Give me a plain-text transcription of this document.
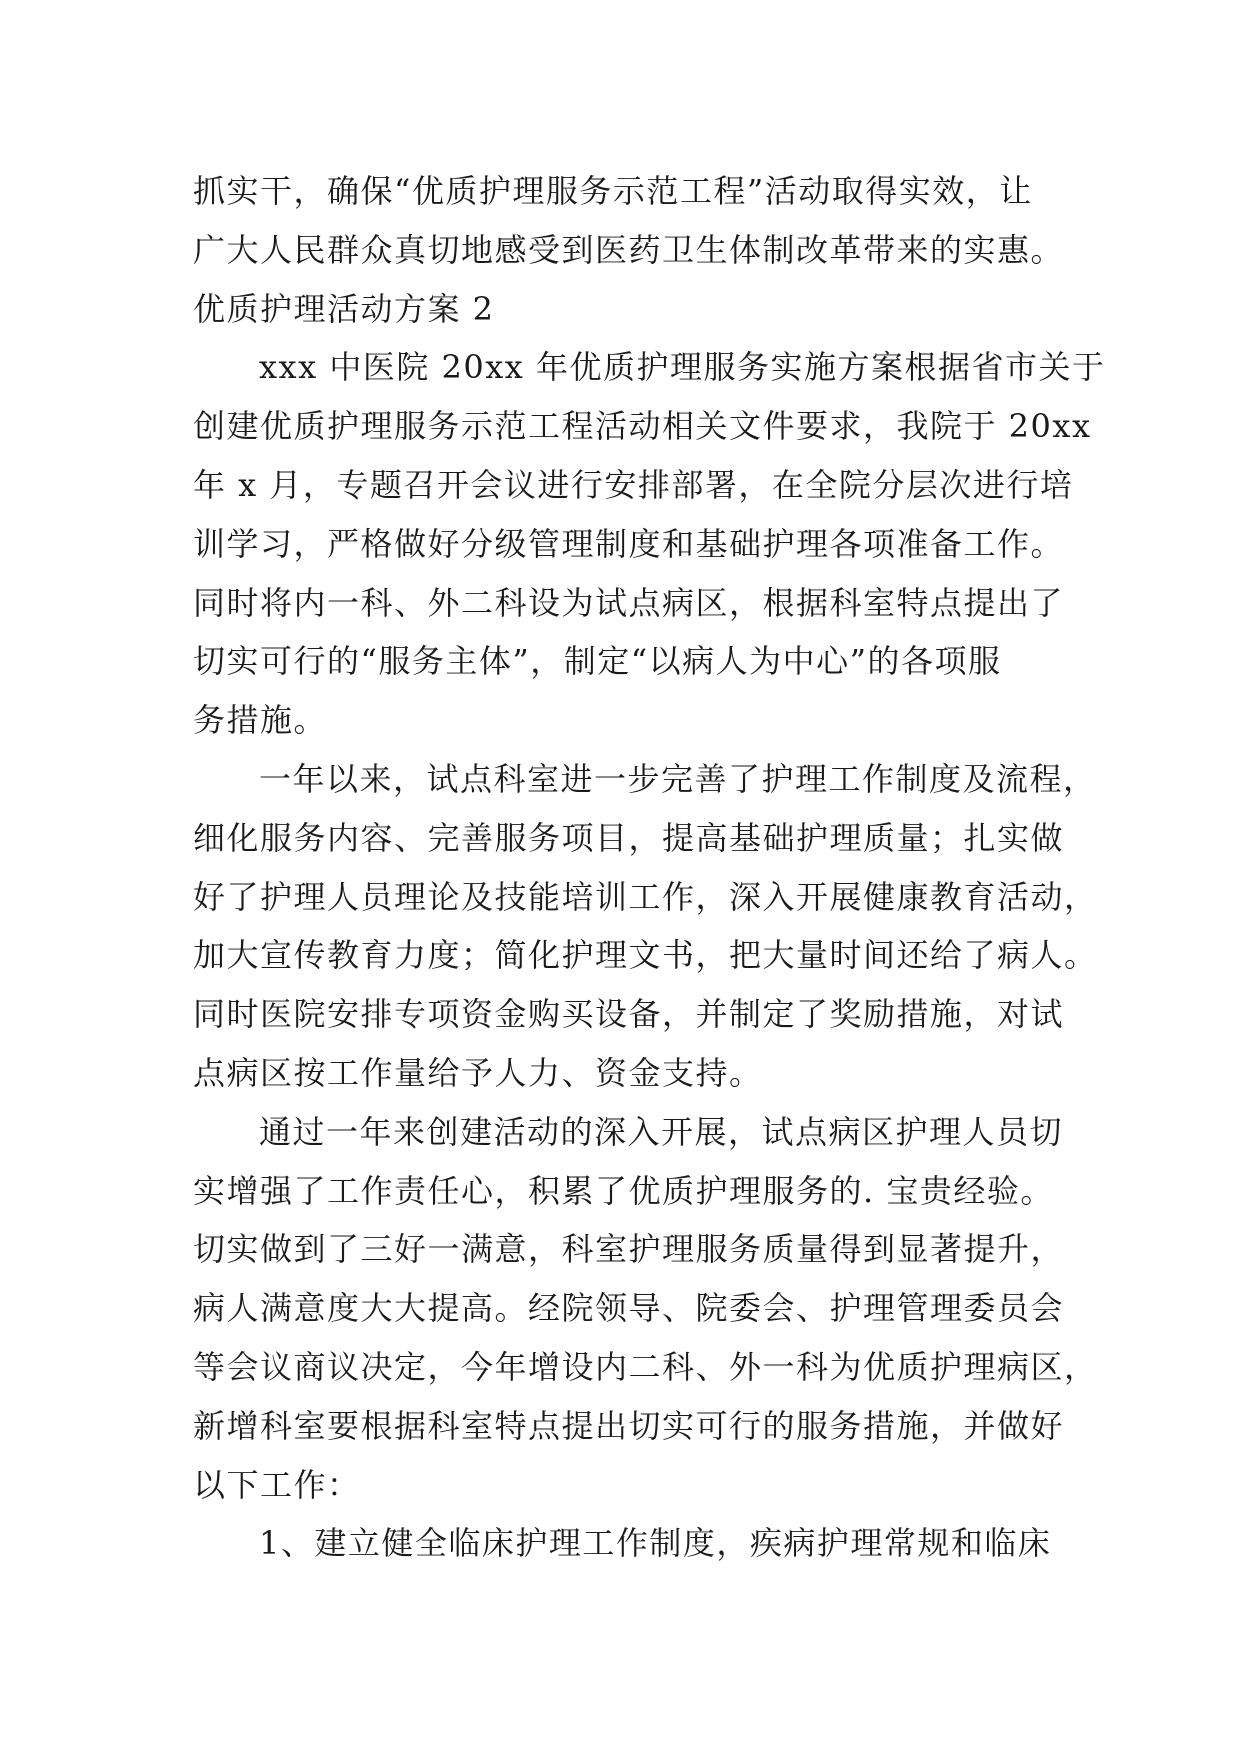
抓实干，确保“优质护理服务示范工程”活动取得实效，让
广大人民群众真切地感受到医药卫生体制改革带来的实惠。
优质护理活动方案 2
xxx 中医院 20xx 年优质护理服务实施方案根据省市关于
创建优质护理服务示范工程活动相关文件要求，我院于 20xx
年 x 月，专题召开会议进行安排部署，在全院分层次进行培
训学习，严格做好分级管理制度和基础护理各项准备工作。
同时将内一科、外二科设为试点病区，根据科室特点提出了
切实可行的“服务主体”，制定“以病人为中心”的各项服
务措施。
一年以来，试点科室进一步完善了护理工作制度及流程，
细化服务内容、完善服务项目，提高基础护理质量；扎实做
好了护理人员理论及技能培训工作，深入开展健康教育活动，
加大宣传教育力度；简化护理文书，把大量时间还给了病人。
同时医院安排专项资金购买设备，并制定了奖励措施，对试
点病区按工作量给予人力、资金支持。
通过一年来创建活动的深入开展，试点病区护理人员切
实增强了工作责任心，积累了优质护理服务的. 宝贵经验。
切实做到了三好一满意，科室护理服务质量得到显著提升，
病人满意度大大提高。经院领导、院委会、护理管理委员会
等会议商议决定，今年增设内二科、外一科为优质护理病区，
新增科室要根据科室特点提出切实可行的服务措施，并做好
以下工作：
1、建立健全临床护理工作制度，疾病护理常规和临床
